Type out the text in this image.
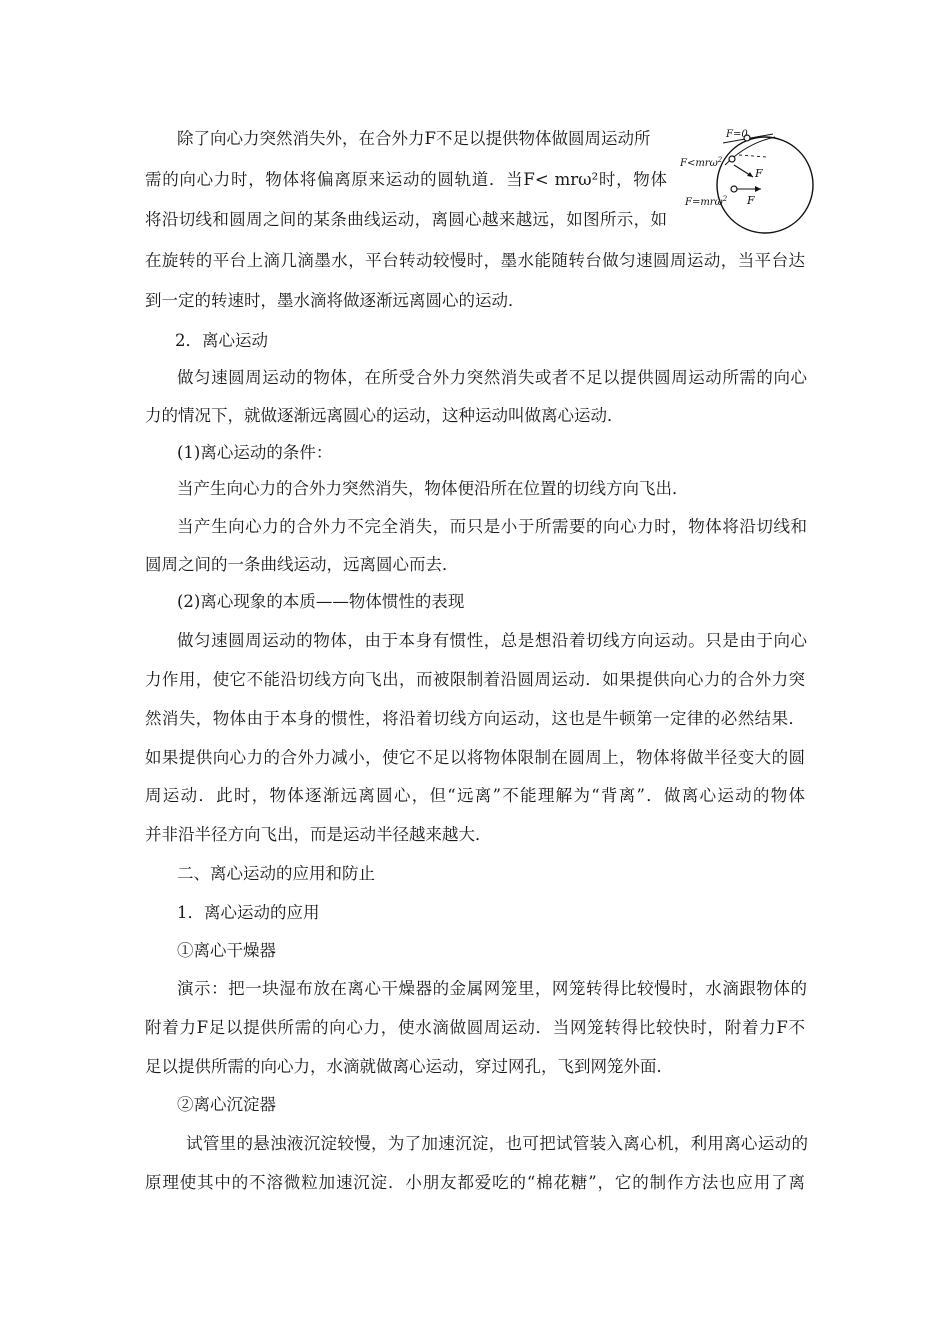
除了向心力突然消失外，在合外力F不足以提供物体做圆周运动所
需的向心力时，物体将偏离原来运动的圆轨道．当F< mrω²时，物体
将沿切线和圆周之间的某条曲线运动，离圆心越来越远，如图所示，如
在旋转的平台上滴几滴墨水，平台转动较慢时，墨水能随转台做匀速圆周运动，当平台达
到一定的转速时，墨水滴将做逐渐远离圆心的运动．
2．离心运动
做匀速圆周运动的物体，在所受合外力突然消失或者不足以提供圆周运动所需的向心
力的情况下，就做逐渐远离圆心的运动，这种运动叫做离心运动．
(1)离心运动的条件：
当产生向心力的合外力突然消失，物体便沿所在位置的切线方向飞出．
当产生向心力的合外力不完全消失，而只是小于所需要的向心力时，物体将沿切线和
圆周之间的一条曲线运动，远离圆心而去．
(2)离心现象的本质——物体惯性的表现
做匀速圆周运动的物体，由于本身有惯性，总是想沿着切线方向运动。只是由于向心
力作用，使它不能沿切线方向飞出，而被限制着沿圆周运动．如果提供向心力的合外力突
然消失，物体由于本身的惯性，将沿着切线方向运动，这也是牛顿第一定律的必然结果．
如果提供向心力的合外力减小，使它不足以将物体限制在圆周上，物体将做半径变大的圆
周运动．此时，物体逐渐远离圆心，但“远离”不能理解为“背离”．做离心运动的物体
并非沿半径方向飞出，而是运动半径越来越大．
二、离心运动的应用和防止
1．离心运动的应用
①离心干燥器
演示：把一块湿布放在离心干燥器的金属网笼里，网笼转得比较慢时，水滴跟物体的
附着力F足以提供所需的向心力，使水滴做圆周运动．当网笼转得比较快时，附着力F不
足以提供所需的向心力，水滴就做离心运动，穿过网孔，飞到网笼外面．
②离心沉淀器
试管里的悬浊液沉淀较慢，为了加速沉淀，也可把试管装入离心机，利用离心运动的
原理使其中的不溶微粒加速沉淀．小朋友都爱吃的“棉花糖”，它的制作方法也应用了离
F=0
F<mrω$^2$
F
F=mrω$^2$ F
